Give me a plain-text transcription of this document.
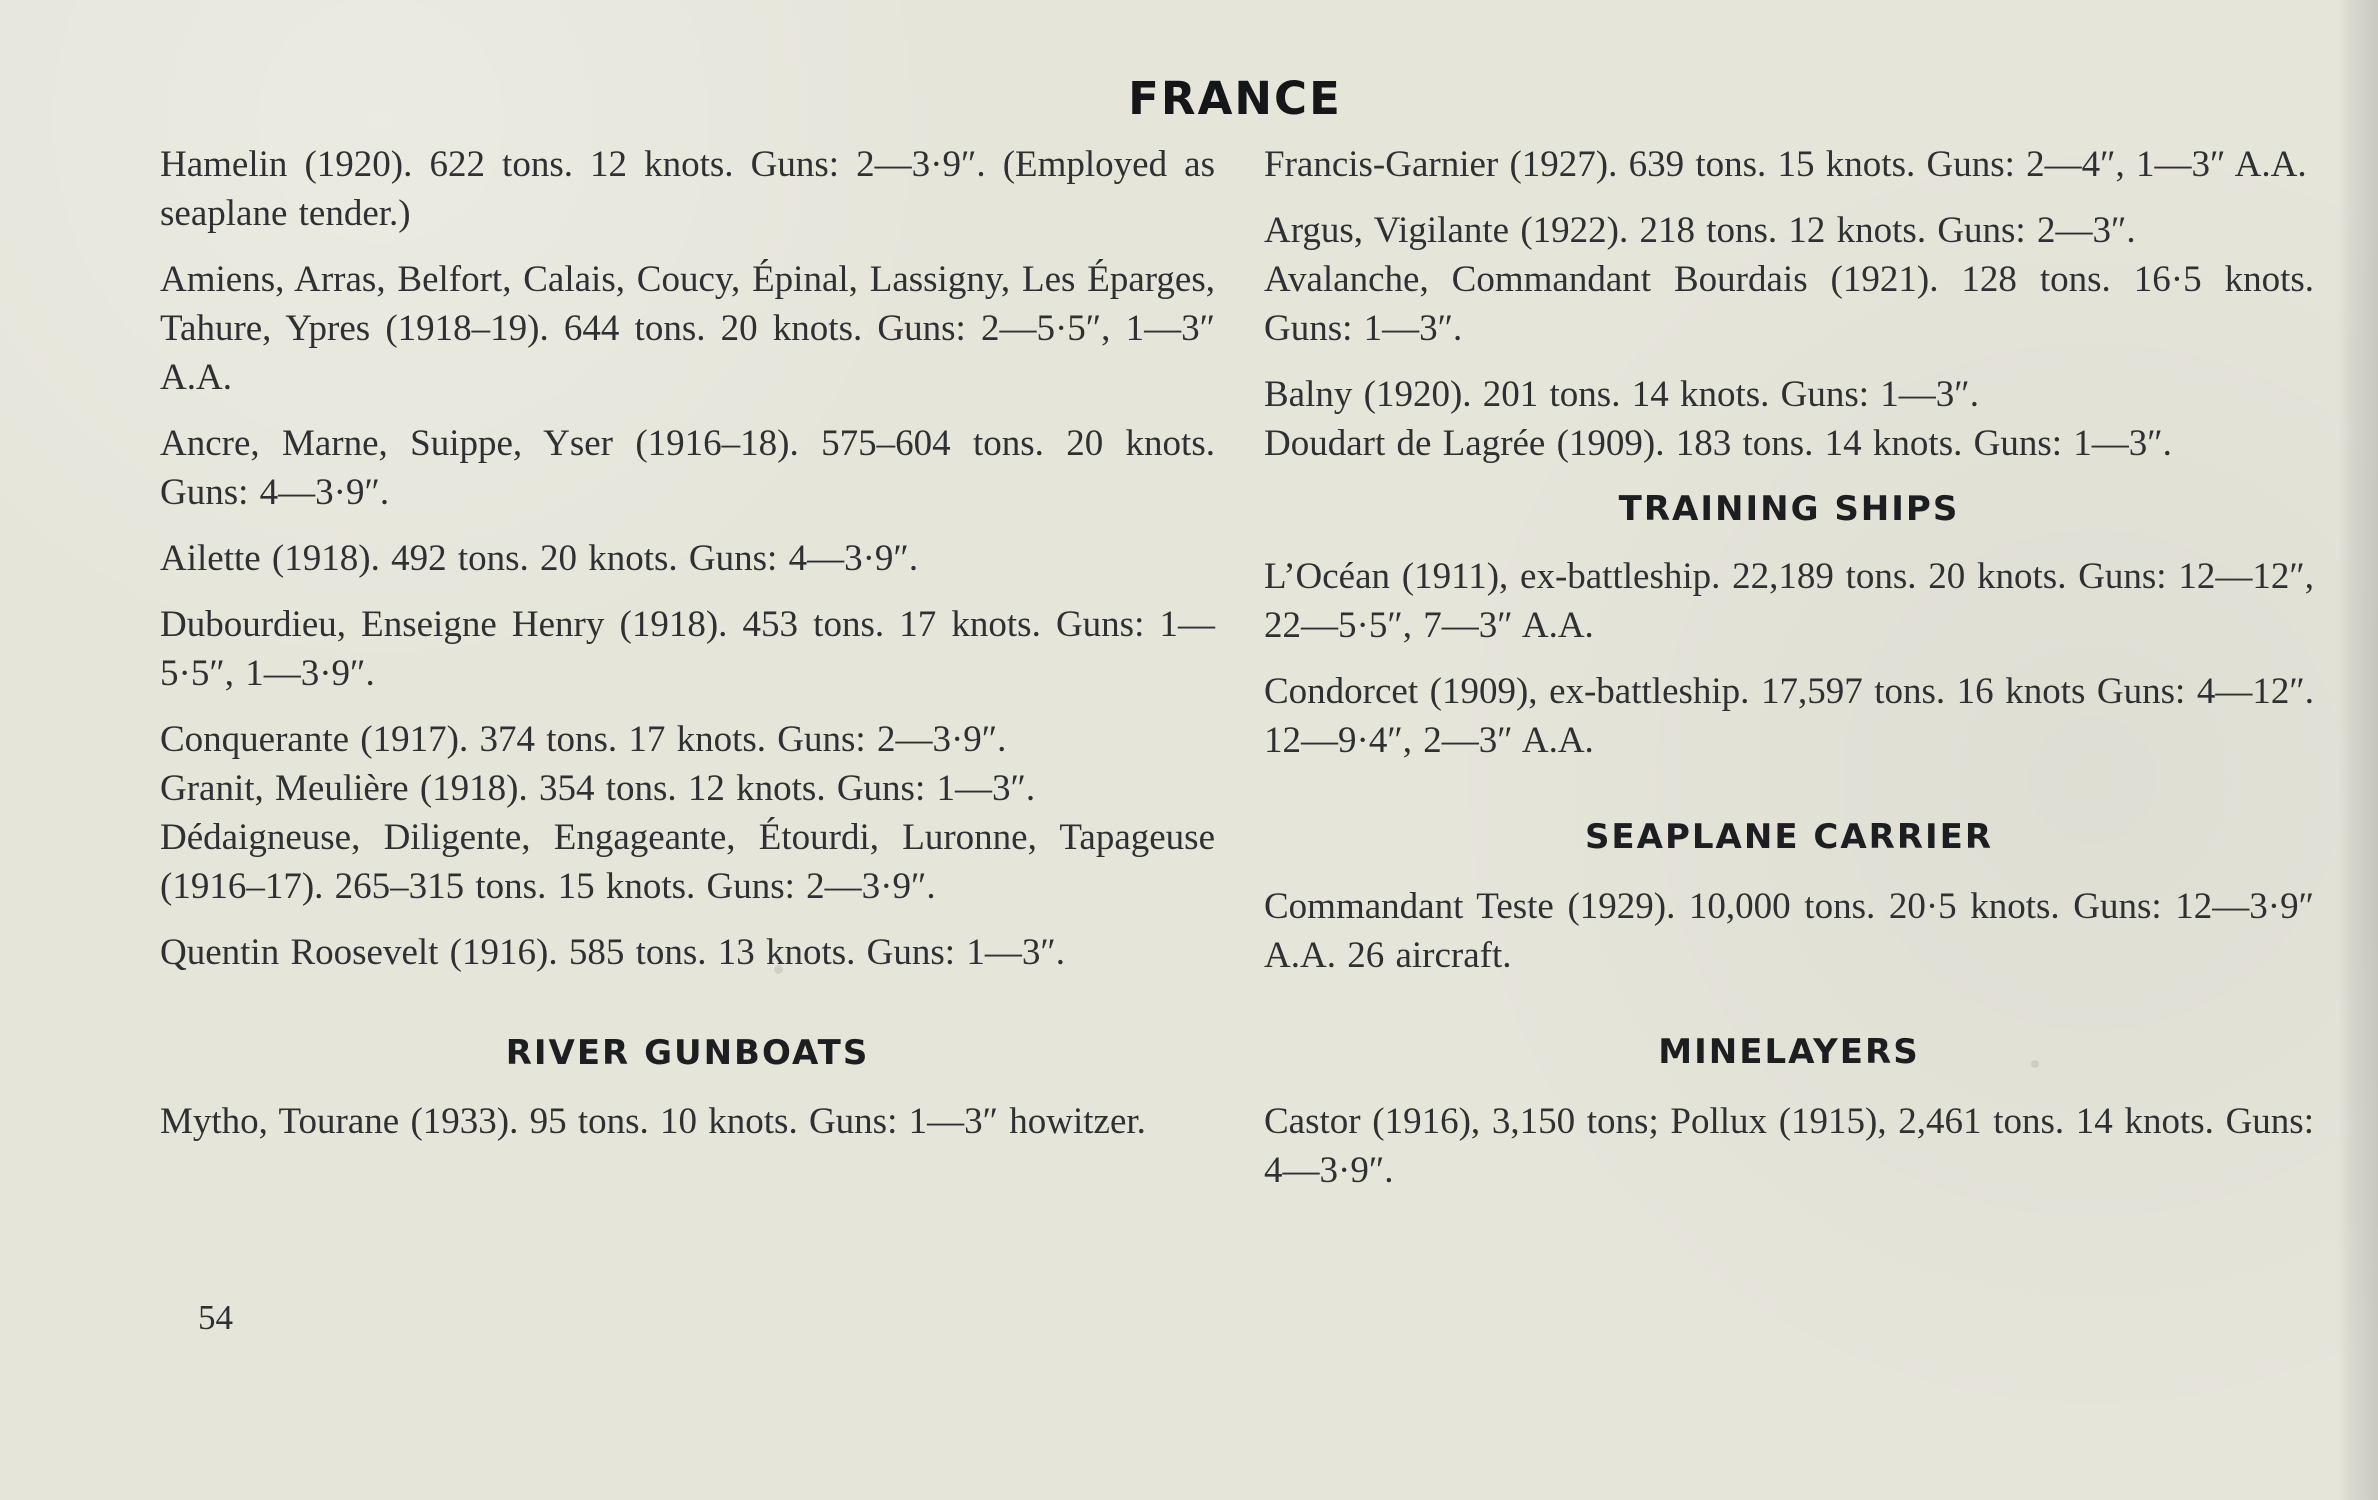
FRANCE

Hamelin (1920). 622 tons. 12 knots. Guns: 2—3·9″. (Employed as seaplane tender.)

Amiens, Arras, Belfort, Calais, Coucy, Épinal, Lassigny, Les Éparges, Tahure, Ypres (1918–19). 644 tons. 20 knots. Guns: 2—5·5″, 1—3″ A.A.

Ancre, Marne, Suippe, Yser (1916–18). 575–604 tons. 20 knots. Guns: 4—3·9″.

Ailette (1918). 492 tons. 20 knots. Guns: 4—3·9″.

Dubourdieu, Enseigne Henry (1918). 453 tons. 17 knots. Guns: 1—5·5″, 1—3·9″.

Conquerante (1917). 374 tons. 17 knots. Guns: 2—3·9″.

Granit, Meulière (1918). 354 tons. 12 knots. Guns: 1—3″.

Dédaigneuse, Diligente, Engageante, Étourdi, Luronne, Tapageuse (1916–17). 265–315 tons. 15 knots. Guns: 2—3·9″.

Quentin Roosevelt (1916). 585 tons. 13 knots. Guns: 1—3″.

RIVER GUNBOATS

Mytho, Tourane (1933). 95 tons. 10 knots. Guns: 1—3″ howitzer.

Francis-Garnier (1927). 639 tons. 15 knots. Guns: 2—4″, 1—3″ A.A.

Argus, Vigilante (1922). 218 tons. 12 knots. Guns: 2—3″.

Avalanche, Commandant Bourdais (1921). 128 tons. 16·5 knots. Guns: 1—3″.

Balny (1920). 201 tons. 14 knots. Guns: 1—3″.

Doudart de Lagrée (1909). 183 tons. 14 knots. Guns: 1—3″.

TRAINING SHIPS

L’Océan (1911), ex-battleship. 22,189 tons. 20 knots. Guns: 12—12″, 22—5·5″, 7—3″ A.A.

Condorcet (1909), ex-battleship. 17,597 tons. 16 knots Guns: 4—12″. 12—9·4″, 2—3″ A.A.

SEAPLANE CARRIER

Commandant Teste (1929). 10,000 tons. 20·5 knots. Guns: 12—3·9″ A.A. 26 aircraft.

MINELAYERS

Castor (1916), 3,150 tons; Pollux (1915), 2,461 tons. 14 knots. Guns: 4—3·9″.

54
